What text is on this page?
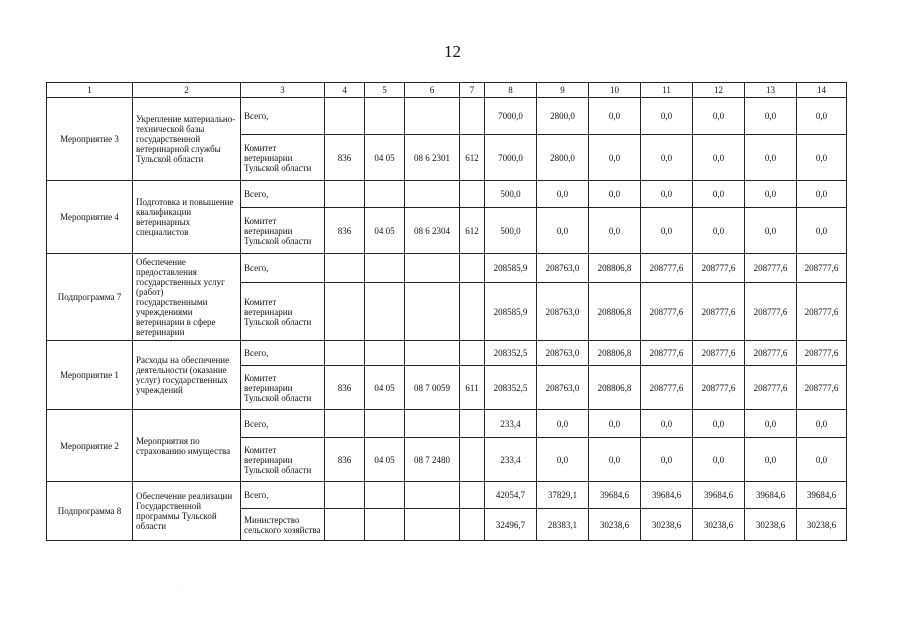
12
1	2	3	4	5	6	7	8	9	10	11	12	13	14
Мероприятие 3	Укрепление материально-технической базы государственной ветеринарной службы Тульской области	Всего,					7000,0	2800,0	0,0	0,0	0,0	0,0	0,0
		Комитет ветеринарии Тульской области	836	04 05	08 6 2301	612	7000,0	2800,0	0,0	0,0	0,0	0,0	0,0
Мероприятие 4	Подготовка и повышение квалификации ветеринарных специалистов	Всего,					500,0	0,0	0,0	0,0	0,0	0,0	0,0
		Комитет ветеринарии Тульской области	836	04 05	08 6 2304	612	500,0	0,0	0,0	0,0	0,0	0,0	0,0
Подпрограмма 7	Обеспечение предоставления государственных услуг (работ) государственными учреждениями ветеринарии в сфере ветеринарии	Всего,					208585,9	208763,0	208806,8	208777,6	208777,6	208777,6	208777,6
		Комитет ветеринарии Тульской области					208585,9	208763,0	208806,8	208777,6	208777,6	208777,6	208777,6
Мероприятие 1	Расходы на обеспечение деятельности (оказание услуг) государственных учреждений	Всего,					208352,5	208763,0	208806,8	208777,6	208777,6	208777,6	208777,6
		Комитет ветеринарии Тульской области	836	04 05	08 7 0059	611	208352,5	208763,0	208806,8	208777,6	208777,6	208777,6	208777,6
Мероприятие 2	Мероприятия по страхованию имущества	Всего,					233,4	0,0	0,0	0,0	0,0	0,0	0,0
		Комитет ветеринарии Тульской области	836	04 05	08 7 2480		233,4	0,0	0,0	0,0	0,0	0,0	0,0
Подпрограмма 8	Обеспечение реализации Государственной программы Тульской области	Всего,					42054,7	37829,1	39684,6	39684,6	39684,6	39684,6	39684,6
		Министерство сельского хозяйства					32496,7	28383,1	30238,6	30238,6	30238,6	30238,6	30238,6
· ·
